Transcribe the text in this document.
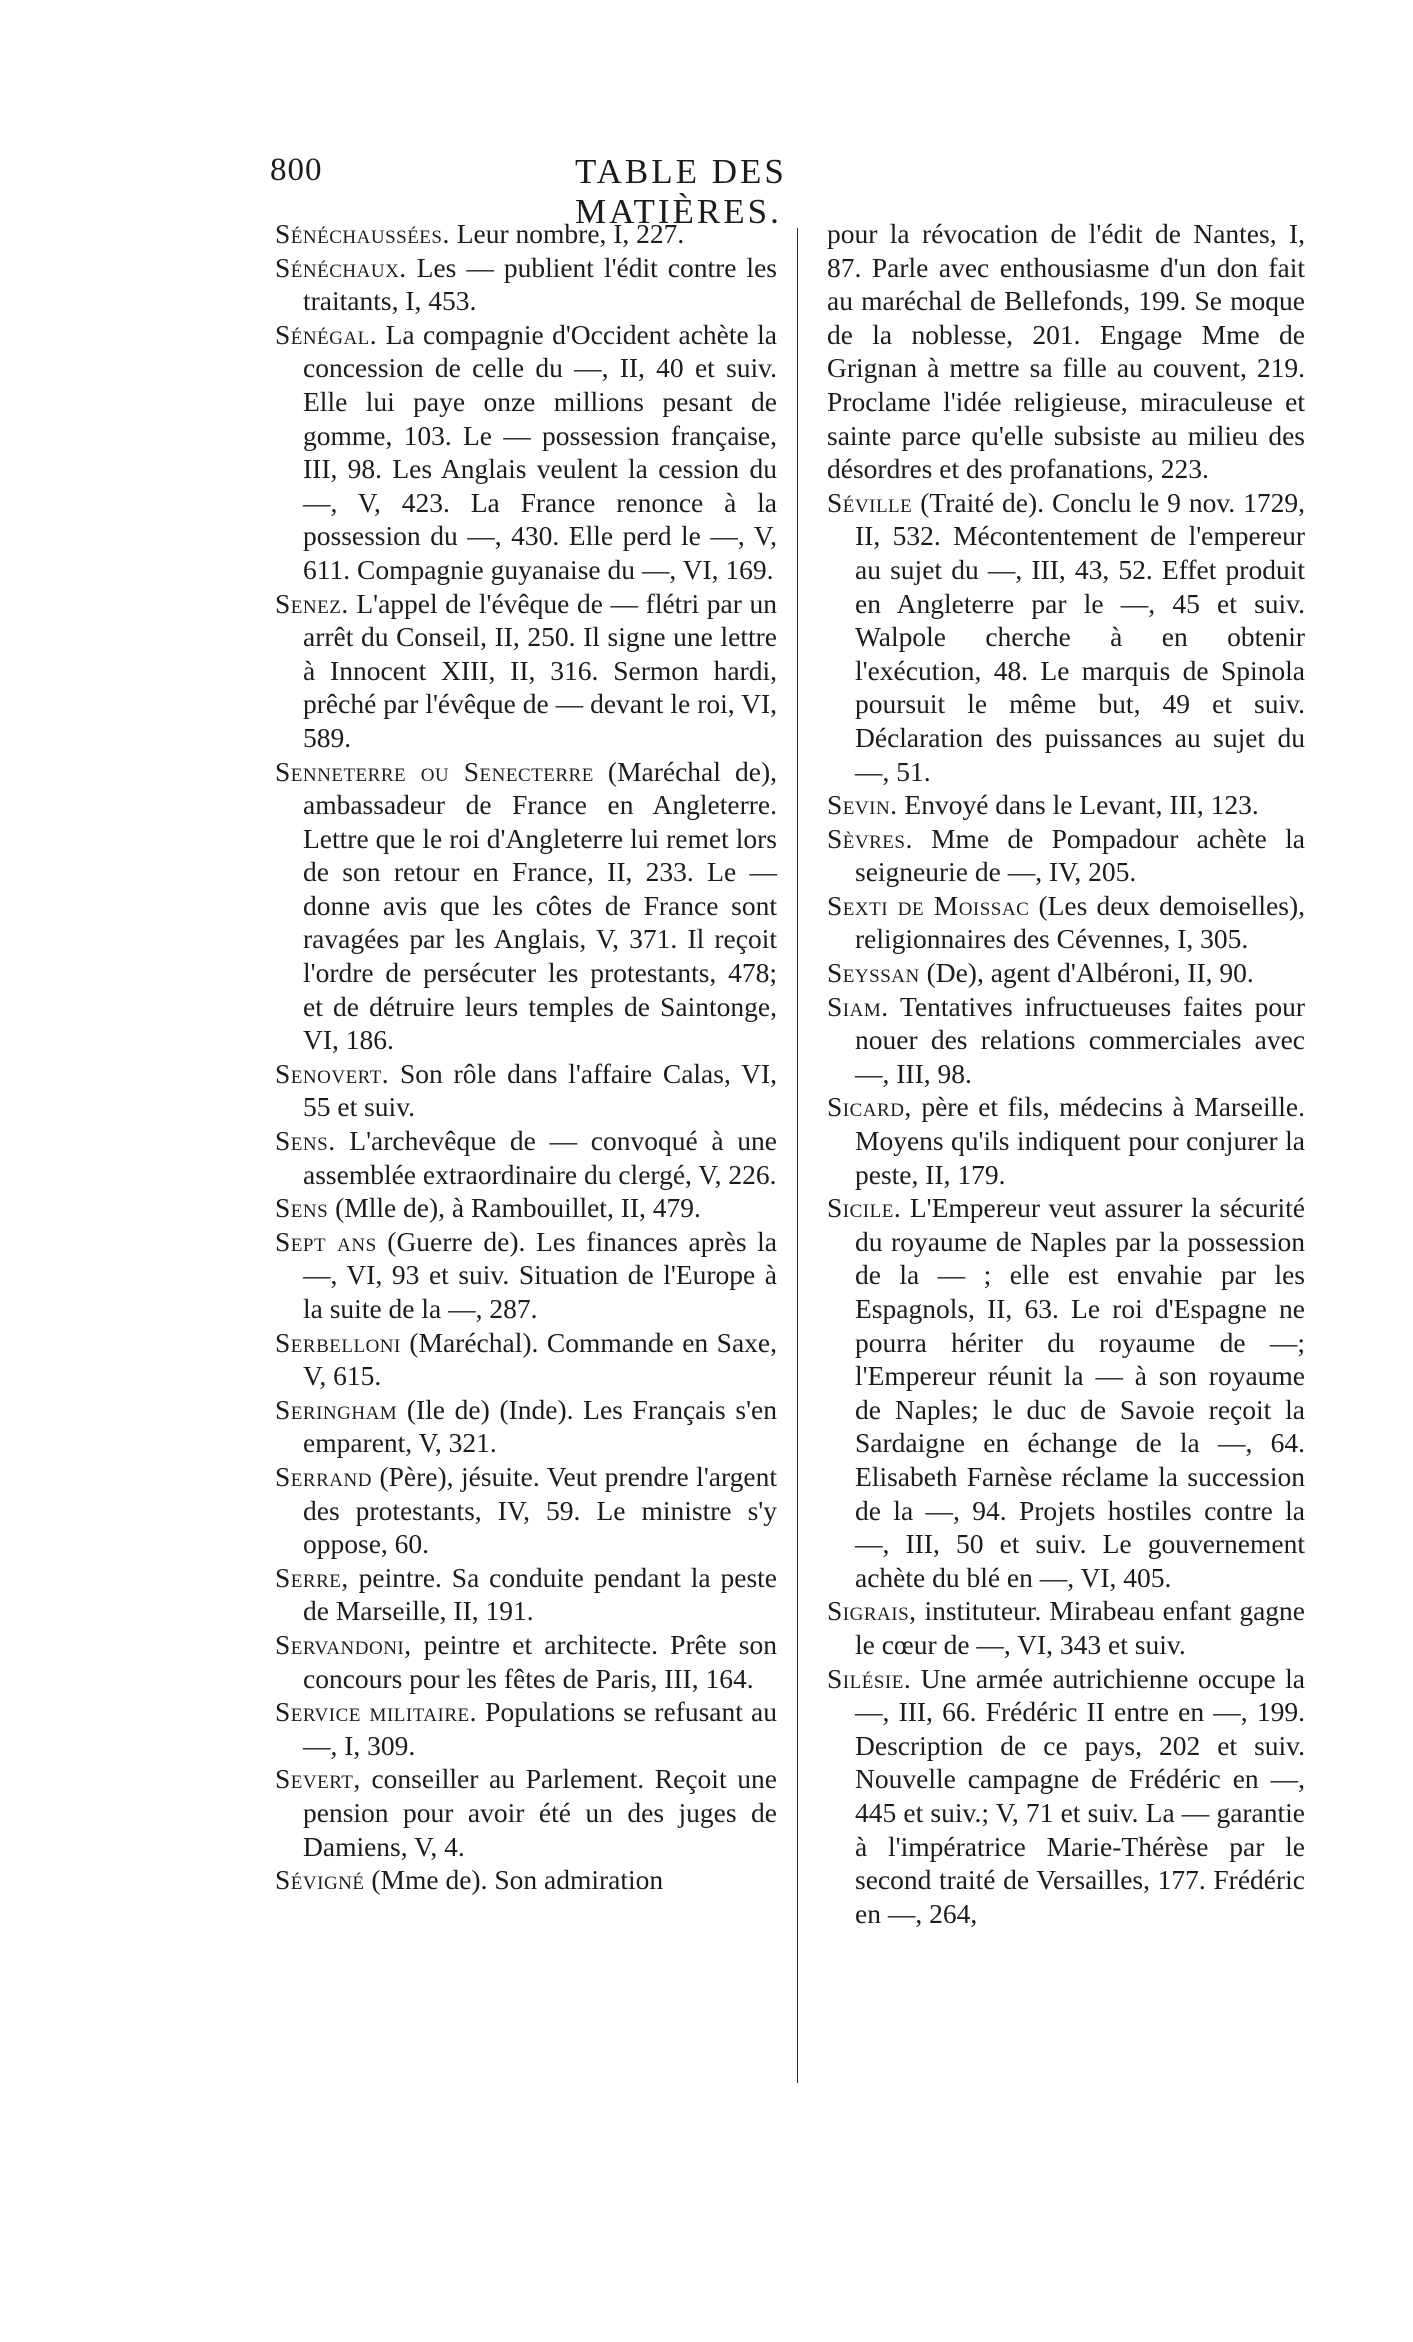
800	TABLE DES MATIÈRES.

Sénéchaussées. Leur nombre, I, 227.

Sénéchaux. Les — publient l'édit contre les traitants, I, 453.

Sénégal. La compagnie d'Occident achète la concession de celle du —, II, 40 et suiv. Elle lui paye onze millions pesant de gomme, 103. Le — possession française, III, 98. Les Anglais veulent la cession du —, V, 423. La France renonce à la possession du —, 430. Elle perd le —, V, 611. Compagnie guyanaise du —, VI, 169.

Senez. L'appel de l'évêque de — flétri par un arrêt du Conseil, II, 250. Il signe une lettre à Innocent XIII, II, 316. Sermon hardi, prêché par l'évêque de — devant le roi, VI, 589.

Senneterre ou Senecterre (Maréchal de), ambassadeur de France en Angleterre. Lettre que le roi d'Angleterre lui remet lors de son retour en France, II, 233. Le — donne avis que les côtes de France sont ravagées par les Anglais, V, 371. Il reçoit l'ordre de persécuter les protestants, 478; et de détruire leurs temples de Saintonge, VI, 186.

Senovert. Son rôle dans l'affaire Calas, VI, 55 et suiv.

Sens. L'archevêque de — convoqué à une assemblée extraordinaire du clergé, V, 226.

Sens (Mlle de), à Rambouillet, II, 479.

Sept ans (Guerre de). Les finances après la —, VI, 93 et suiv. Situation de l'Europe à la suite de la —, 287.

Serbelloni (Maréchal). Commande en Saxe, V, 615.

Seringham (Ile de) (Inde). Les Français s'en emparent, V, 321.

Serrand (Père), jésuite. Veut prendre l'argent des protestants, IV, 59. Le ministre s'y oppose, 60.

Serre, peintre. Sa conduite pendant la peste de Marseille, II, 191.

Servandoni, peintre et architecte. Prête son concours pour les fêtes de Paris, III, 164.

Service militaire. Populations se refusant au —, I, 309.

Severt, conseiller au Parlement. Reçoit une pension pour avoir été un des juges de Damiens, V, 4.

Sévigné (Mme de). Son admiration

pour la révocation de l'édit de Nantes, I, 87. Parle avec enthousiasme d'un don fait au maréchal de Bellefonds, 199. Se moque de la noblesse, 201. Engage Mme de Grignan à mettre sa fille au couvent, 219. Proclame l'idée religieuse, miraculeuse et sainte parce qu'elle subsiste au milieu des désordres et des profanations, 223.

Séville (Traité de). Conclu le 9 nov. 1729, II, 532. Mécontentement de l'empereur au sujet du —, III, 43, 52. Effet produit en Angleterre par le —, 45 et suiv. Walpole cherche à en obtenir l'exécution, 48. Le marquis de Spinola poursuit le même but, 49 et suiv. Déclaration des puissances au sujet du —, 51.

Sevin. Envoyé dans le Levant, III, 123.

Sèvres. Mme de Pompadour achète la seigneurie de —, IV, 205.

Sexti de Moissac (Les deux demoiselles), religionnaires des Cévennes, I, 305.

Seyssan (De), agent d'Albéroni, II, 90.

Siam. Tentatives infructueuses faites pour nouer des relations commerciales avec —, III, 98.

Sicard, père et fils, médecins à Marseille. Moyens qu'ils indiquent pour conjurer la peste, II, 179.

Sicile. L'Empereur veut assurer la sécurité du royaume de Naples par la possession de la — ; elle est envahie par les Espagnols, II, 63. Le roi d'Espagne ne pourra hériter du royaume de —; l'Empereur réunit la — à son royaume de Naples; le duc de Savoie reçoit la Sardaigne en échange de la —, 64. Elisabeth Farnèse réclame la succession de la —, 94. Projets hostiles contre la —, III, 50 et suiv. Le gouvernement achète du blé en —, VI, 405.

Sigrais, instituteur. Mirabeau enfant gagne le cœur de —, VI, 343 et suiv.

Silésie. Une armée autrichienne occupe la —, III, 66. Frédéric II entre en —, 199. Description de ce pays, 202 et suiv. Nouvelle campagne de Frédéric en —, 445 et suiv.; V, 71 et suiv. La — garantie à l'impératrice Marie-Thérèse par le second traité de Versailles, 177. Frédéric en —, 264,
